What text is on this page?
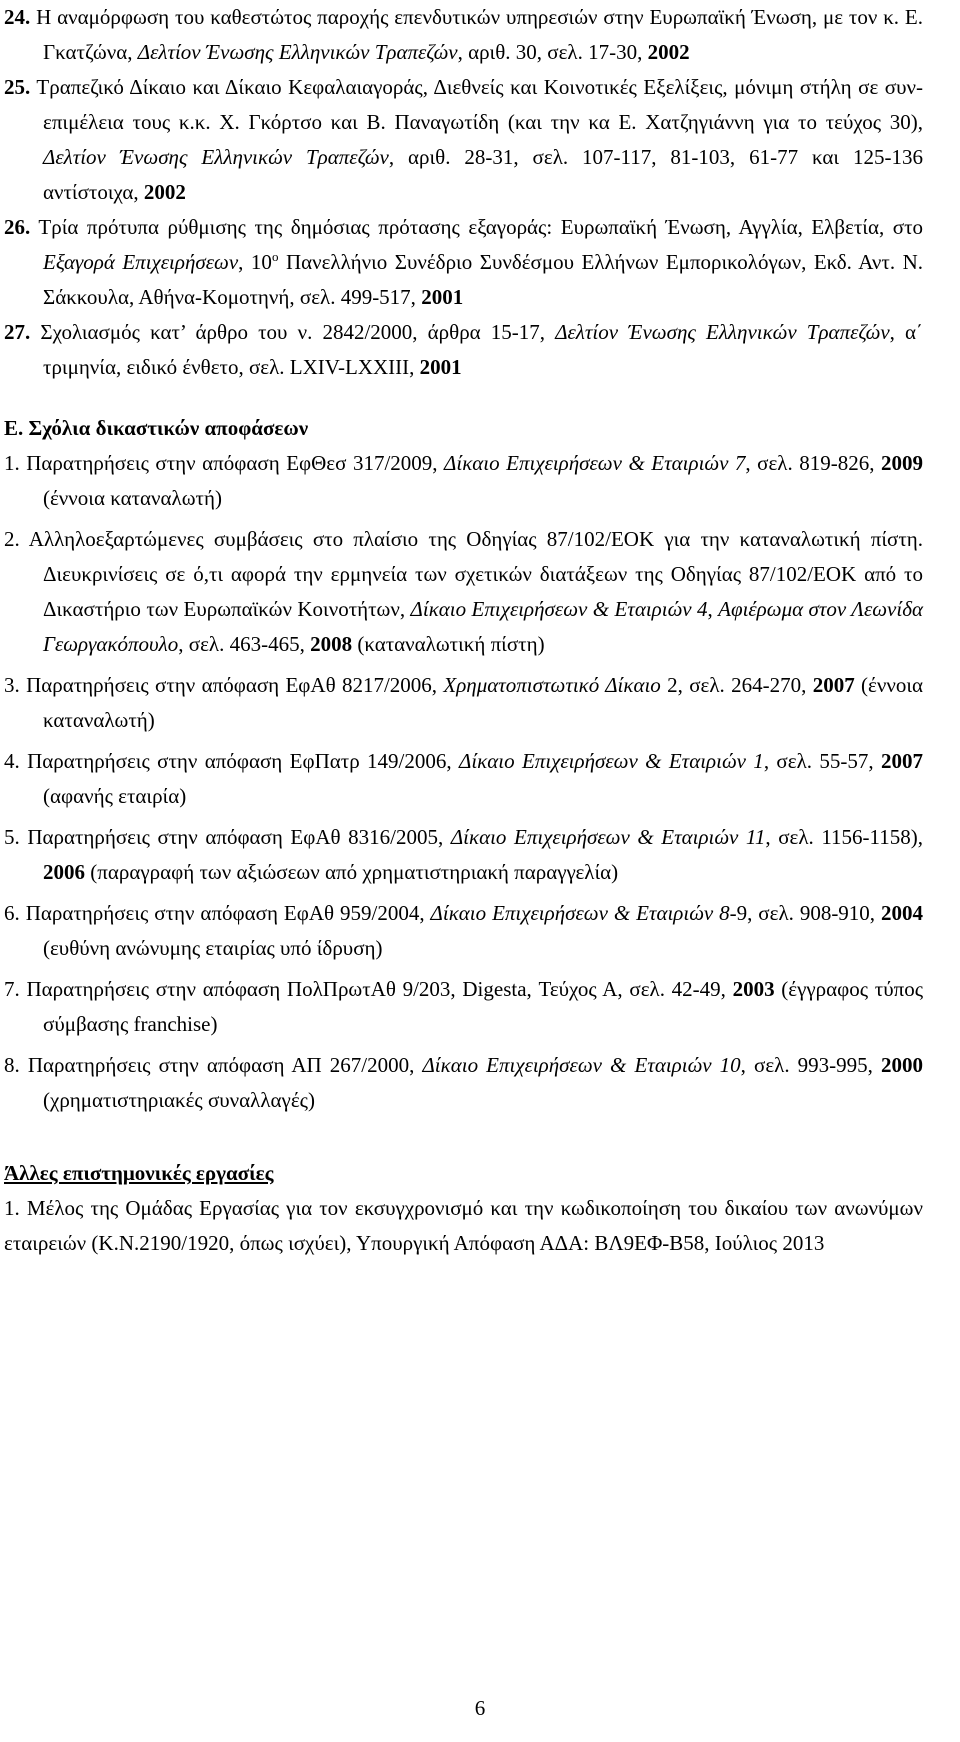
24. Η αναμόρφωση του καθεστώτος παροχής επενδυτικών υπηρεσιών στην Ευρωπαϊκή Ένωση, με τον κ. Ε. Γκατζώνα, Δελτίον Ένωσης Ελληνικών Τραπεζών, αριθ. 30, σελ. 17-30, 2002
25. Τραπεζικό Δίκαιο και Δίκαιο Κεφαλαιαγοράς, Διεθνείς και Κοινοτικές Εξελίξεις, μόνιμη στήλη σε συν-επιμέλεια τους κ.κ. Χ. Γκόρτσο και Β. Παναγωτίδη (και την κα Ε. Χατζηγιάννη για το τεύχος 30), Δελτίον Ένωσης Ελληνικών Τραπεζών, αριθ. 28-31, σελ. 107-117, 81-103, 61-77 και 125-136 αντίστοιχα, 2002
26. Τρία πρότυπα ρύθμισης της δημόσιας πρότασης εξαγοράς: Ευρωπαϊκή Ένωση, Αγγλία, Ελβετία, στο Εξαγορά Επιχειρήσεων, $10^o$ Πανελλήνιο Συνέδριο Συνδέσμου Ελλήνων Εμπορικολόγων, Εκδ. Αντ. Ν. Σάκκουλα, Αθήνα-Κομοτηνή, σελ. 499-517, 2001
27. Σχολιασμός κατ’ άρθρο του ν. 2842/2000, άρθρα 15-17, Δελτίον Ένωσης Ελληνικών Τραπεζών, α΄ τριμηνία, ειδικό ένθετο, σελ. LXIV-LXXIII, 2001
Ε. Σχόλια δικαστικών αποφάσεων
1. Παρατηρήσεις στην απόφαση ΕφΘεσ 317/2009, Δίκαιο Επιχειρήσεων & Εταιριών 7, σελ. 819-826, 2009 (έννοια καταναλωτή)
2. Αλληλοεξαρτώμενες συμβάσεις στο πλαίσιο της Οδηγίας 87/102/ΕΟΚ για την καταναλωτική πίστη. Διευκρινίσεις σε ό,τι αφορά την ερμηνεία των σχετικών διατάξεων της Οδηγίας 87/102/ΕΟΚ από το Δικαστήριο των Ευρωπαϊκών Κοινοτήτων, Δίκαιο Επιχειρήσεων & Εταιριών 4, Αφιέρωμα στον Λεωνίδα Γεωργακόπουλο, σελ. 463-465, 2008 (καταναλωτική πίστη)
3. Παρατηρήσεις στην απόφαση ΕφΑθ 8217/2006, Χρηματοπιστωτικό Δίκαιο 2, σελ. 264-270, 2007 (έννοια καταναλωτή)
4. Παρατηρήσεις στην απόφαση ΕφΠατρ 149/2006, Δίκαιο Επιχειρήσεων & Εταιριών 1, σελ. 55-57, 2007 (αφανής εταιρία)
5. Παρατηρήσεις στην απόφαση ΕφΑθ 8316/2005, Δίκαιο Επιχειρήσεων & Εταιριών 11, σελ. 1156-1158), 2006 (παραγραφή των αξιώσεων από χρηματιστηριακή παραγγελία)
6. Παρατηρήσεις στην απόφαση ΕφΑθ 959/2004, Δίκαιο Επιχειρήσεων & Εταιριών 8-9, σελ. 908-910, 2004 (ευθύνη ανώνυμης εταιρίας υπό ίδρυση)
7. Παρατηρήσεις στην απόφαση ΠολΠρωτΑθ 9/203, Digesta, Τεύχος Α, σελ. 42-49, 2003 (έγγραφος τύπος σύμβασης franchise)
8. Παρατηρήσεις στην απόφαση ΑΠ 267/2000, Δίκαιο Επιχειρήσεων & Εταιριών 10, σελ. 993-995, 2000 (χρηματιστηριακές συναλλαγές)
Άλλες επιστημονικές εργασίες
1. Μέλος της Ομάδας Εργασίας για τον εκσυγχρονισμό και την κωδικοποίηση του δικαίου των ανωνύμων εταιρειών (Κ.Ν.2190/1920, όπως ισχύει), Υπουργική Απόφαση ΑΔΑ: ΒΛ9ΕΦ-Β58, Ιούλιος 2013
6
